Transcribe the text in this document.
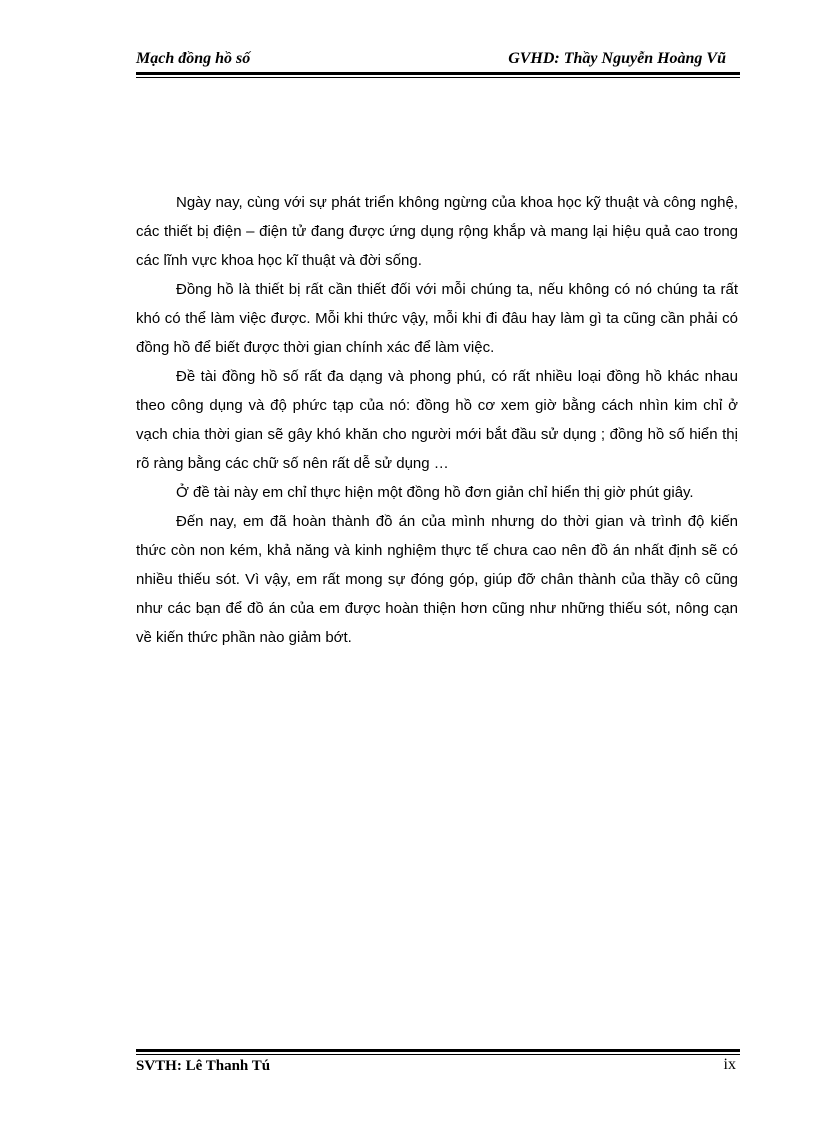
Mạch đồng hồ số	GVHD: Thầy Nguyễn Hoàng Vũ

Ngày nay, cùng với sự phát triển không ngừng của khoa học kỹ thuật và công nghệ, các thiết bị điện – điện tử đang được ứng dụng rộng khắp và mang lại hiệu quả cao trong các lĩnh vực khoa học kĩ thuật và đời sống.

Đồng hồ là thiết bị rất cần thiết đối với mỗi chúng ta, nếu không có nó chúng ta rất khó có thể làm việc được. Mỗi khi thức vậy, mỗi khi đi đâu hay làm gì ta cũng cần phải có đồng hồ để biết được thời gian chính xác để làm việc.

Đề tài đồng hồ số rất đa dạng và phong phú, có rất nhiều loại đồng hồ khác nhau theo công dụng và độ phức tạp của nó: đồng hồ cơ xem giờ bằng cách nhìn kim chỉ ở vạch chia thời gian sẽ gây khó khăn cho người mới bắt đầu sử dụng ; đồng hồ số hiển thị rõ ràng bằng các chữ số nên rất dễ sử dụng …

Ở đề tài này em chỉ thực hiện một đồng hồ đơn giản chỉ hiển thị giờ phút giây.

Đến nay, em đã hoàn thành đồ án của mình nhưng do thời gian và trình độ kiến thức còn non kém, khả năng và kinh nghiệm thực tế chưa cao nên đồ án nhất định sẽ có nhiều thiếu sót. Vì vậy, em rất mong sự đóng góp, giúp đỡ chân thành của thầy cô cũng như các bạn để đồ án của em được hoàn thiện hơn cũng như những thiếu sót, nông cạn về kiến thức phần nào giảm bớt.

SVTH: Lê Thanh Tú	ix
